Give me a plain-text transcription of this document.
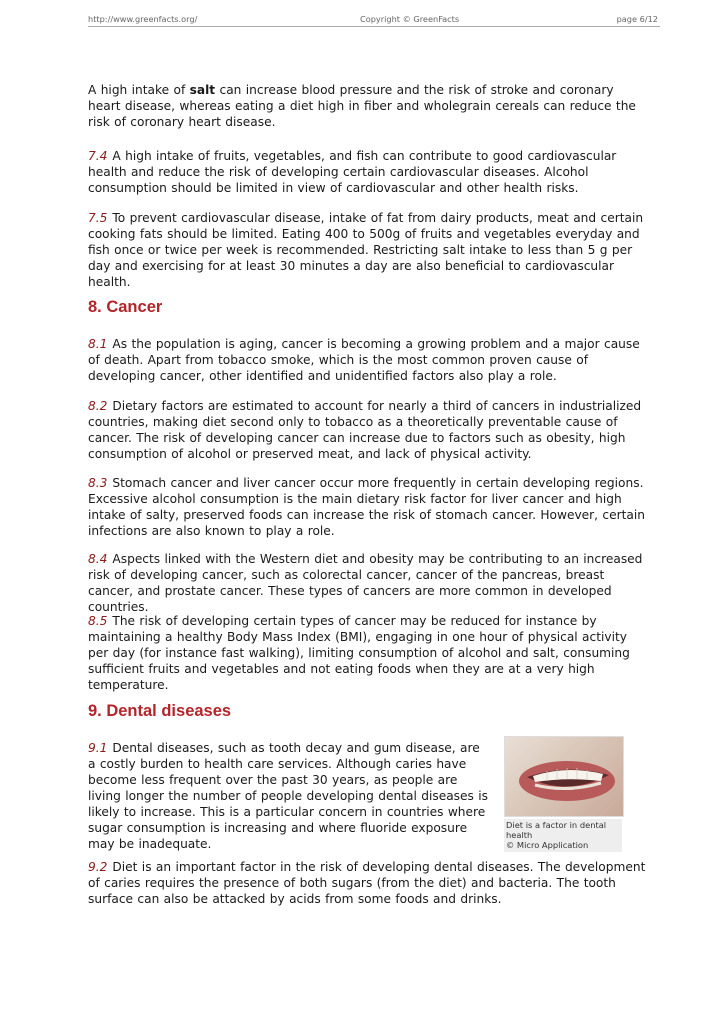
http://www.greenfacts.org/	Copyright © GreenFacts	page 6/12

A high intake of salt can increase blood pressure and the risk of stroke and coronary heart disease, whereas eating a diet high in fiber and wholegrain cereals can reduce the risk of coronary heart disease.

7.4 A high intake of fruits, vegetables, and fish can contribute to good cardiovascular health and reduce the risk of developing certain cardiovascular diseases. Alcohol consumption should be limited in view of cardiovascular and other health risks.

7.5 To prevent cardiovascular disease, intake of fat from dairy products, meat and certain cooking fats should be limited. Eating 400 to 500g of fruits and vegetables everyday and fish once or twice per week is recommended. Restricting salt intake to less than 5 g per day and exercising for at least 30 minutes a day are also beneficial to cardiovascular health.

8. Cancer

8.1 As the population is aging, cancer is becoming a growing problem and a major cause of death. Apart from tobacco smoke, which is the most common proven cause of developing cancer, other identified and unidentified factors also play a role.

8.2 Dietary factors are estimated to account for nearly a third of cancers in industrialized countries, making diet second only to tobacco as a theoretically preventable cause of cancer. The risk of developing cancer can increase due to factors such as obesity, high consumption of alcohol or preserved meat, and lack of physical activity.

8.3 Stomach cancer and liver cancer occur more frequently in certain developing regions. Excessive alcohol consumption is the main dietary risk factor for liver cancer and high intake of salty, preserved foods can increase the risk of stomach cancer. However, certain infections are also known to play a role.

8.4 Aspects linked with the Western diet and obesity may be contributing to an increased risk of developing cancer, such as colorectal cancer, cancer of the pancreas, breast cancer, and prostate cancer. These types of cancers are more common in developed countries.

8.5 The risk of developing certain types of cancer may be reduced for instance by maintaining a healthy Body Mass Index (BMI), engaging in one hour of physical activity per day (for instance fast walking), limiting consumption of alcohol and salt, consuming sufficient fruits and vegetables and not eating foods when they are at a very high temperature.

9. Dental diseases

9.1 Dental diseases, such as tooth decay and gum disease, are a costly burden to health care services. Although caries have become less frequent over the past 30 years, as people are living longer the number of people developing dental diseases is likely to increase. This is a particular concern in countries where sugar consumption is increasing and where fluoride exposure may be inadequate.

9.2 Diet is an important factor in the risk of developing dental diseases. The development of caries requires the presence of both sugars (from the diet) and bacteria. The tooth surface can also be attacked by acids from some foods and drinks.

Diet is a factor in dental health
© Micro Application
